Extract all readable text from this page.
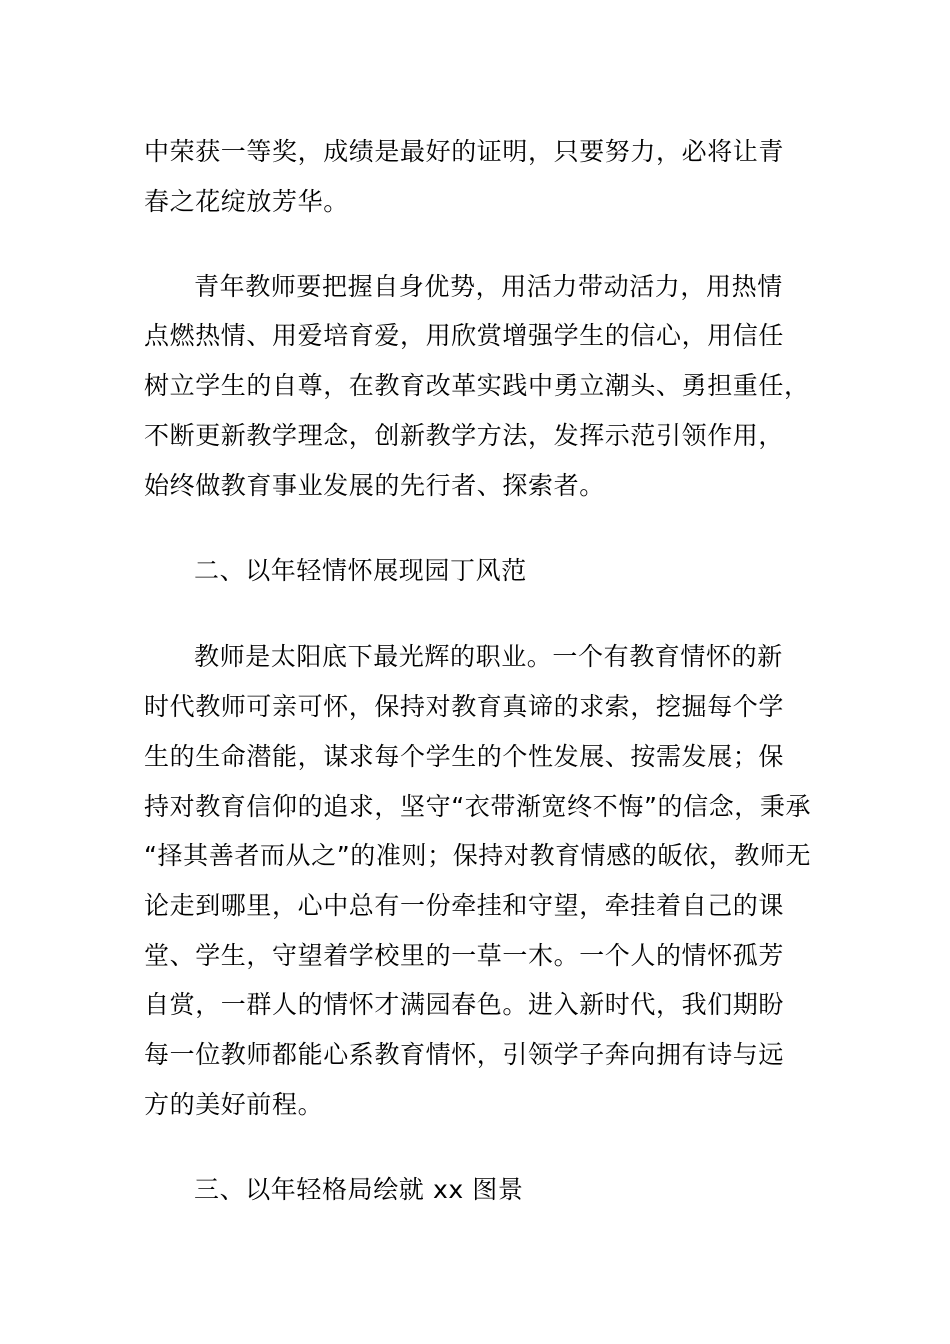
中荣获一等奖，成绩是最好的证明，只要努力，必将让青
春之花绽放芳华。
青年教师要把握自身优势，用活力带动活力，用热情
点燃热情、用爱培育爱，用欣赏增强学生的信心，用信任
树立学生的自尊，在教育改革实践中勇立潮头、勇担重任，
不断更新教学理念，创新教学方法，发挥示范引领作用，
始终做教育事业发展的先行者、探索者。
二、以年轻情怀展现园丁风范
教师是太阳底下最光辉的职业。一个有教育情怀的新
时代教师可亲可怀，保持对教育真谛的求索，挖掘每个学
生的生命潜能，谋求每个学生的个性发展、按需发展；保
持对教育信仰的追求，坚守“衣带渐宽终不悔”的信念，秉承
“择其善者而从之”的准则；保持对教育情感的皈依，教师无
论走到哪里，心中总有一份牵挂和守望，牵挂着自己的课
堂、学生，守望着学校里的一草一木。一个人的情怀孤芳
自赏，一群人的情怀才满园春色。进入新时代，我们期盼
每一位教师都能心系教育情怀，引领学子奔向拥有诗与远
方的美好前程。
三、以年轻格局绘就 xx 图景
